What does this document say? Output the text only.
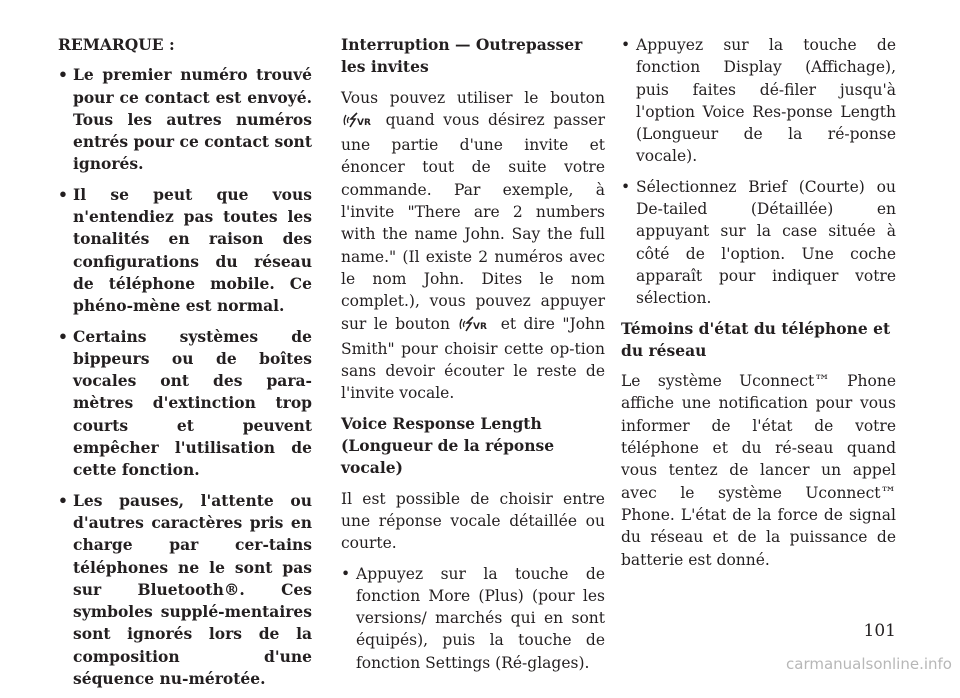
REMARQUE :

• Le premier numéro trouvé pour ce contact est envoyé. Tous les autres numéros entrés pour ce contact sont ignorés.
• Il se peut que vous n'entendiez pas toutes les tonalités en raison des configurations du réseau de téléphone mobile. Ce phéno-mène est normal.
• Certains systèmes de bippeurs ou de boîtes vocales ont des para-mètres d'extinction trop courts et peuvent empêcher l'utilisation de cette fonction.
• Les pauses, l'attente ou d'autres caractères pris en charge par cer-tains téléphones ne le sont pas sur Bluetooth®. Ces symboles supplé-mentaires sont ignorés lors de la composition d'une séquence nu-mérotée.

Interruption — Outrepasser les invites

Vous pouvez utiliser le bouton
VR quand vous désirez passer une partie d'une invite et énoncer tout de suite votre commande. Par exemple, à l'invite "There are 2 numbers with the name John. Say the full name." (Il existe 2 numéros avec le nom John. Dites le nom complet.), vous pouvez appuyer sur le bouton	VR et dire "John Smith" pour choisir cette op-tion sans devoir écouter le reste de l'invite vocale.

Voice Response Length (Longueur de la réponse vocale)

Il est possible de choisir entre une réponse vocale détaillée ou courte.

• Appuyez sur la touche de fonction More (Plus) (pour les versions/ marchés qui en sont équipés), puis la touche de fonction Settings (Ré-glages).
• Appuyez sur la touche de fonction Display (Affichage), puis faites dé-filer jusqu'à l'option Voice Res-ponse Length (Longueur de la ré-ponse vocale).
• Sélectionnez Brief (Courte) ou De-tailed (Détaillée) en appuyant sur la case située à côté de l'option. Une coche apparaît pour indiquer votre sélection.

Témoins d'état du téléphone et du réseau

Le système Uconnect™ Phone affiche une notification pour vous informer de l'état de votre téléphone et du ré-seau quand vous tentez de lancer un appel avec le système Uconnect™ Phone. L'état de la force de signal du réseau et de la puissance de batterie est donné.

101
carmanualsonline.info
